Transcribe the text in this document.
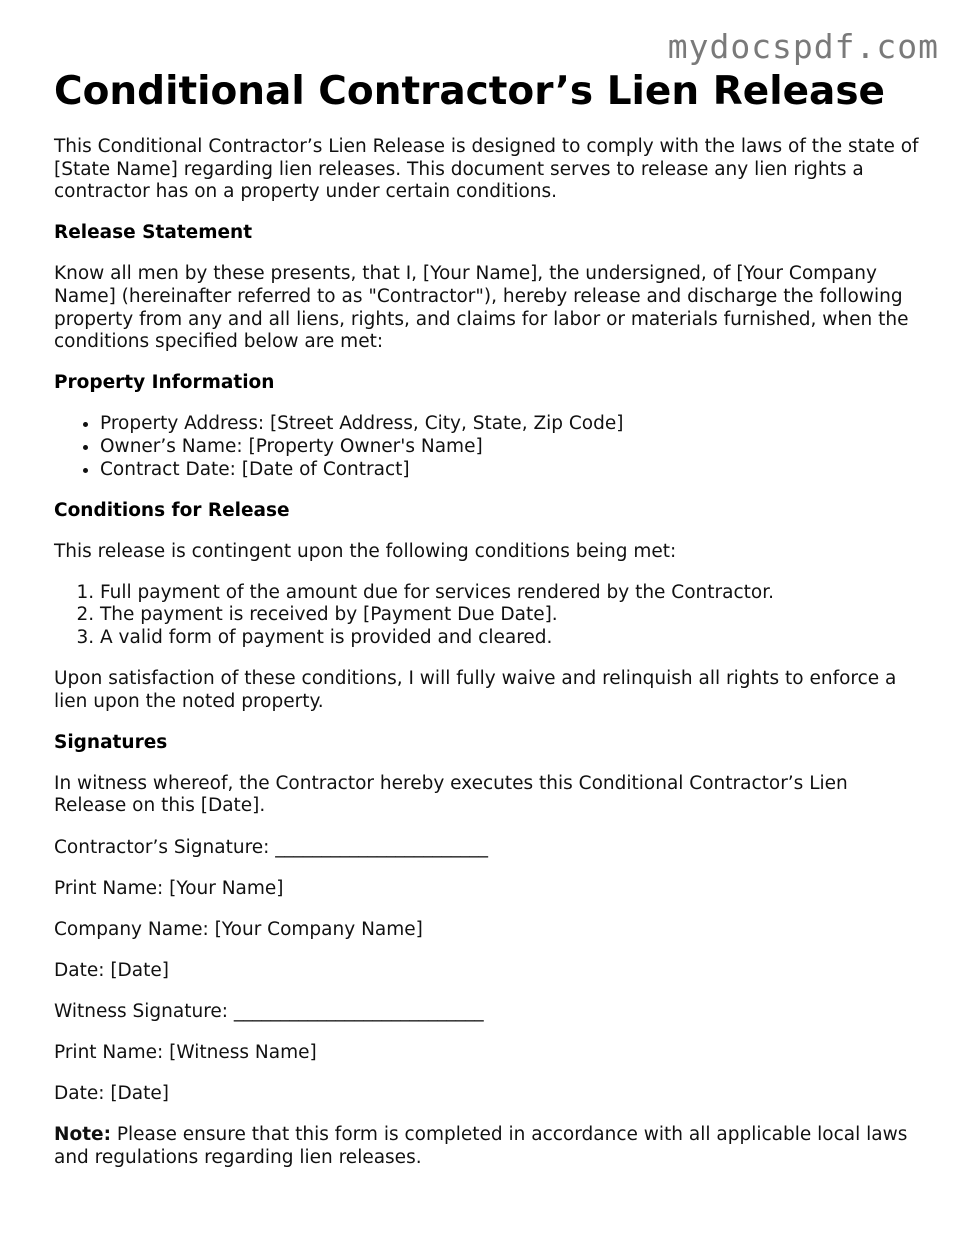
mydocspdf.com
Conditional Contractor’s Lien Release

This Conditional Contractor’s Lien Release is designed to comply with the laws of the state of [State Name] regarding lien releases. This document serves to release any lien rights a contractor has on a property under certain conditions.

Release Statement

Know all men by these presents, that I, [Your Name], the undersigned, of [Your Company Name] (hereinafter referred to as "Contractor"), hereby release and discharge the following property from any and all liens, rights, and claims for labor or materials furnished, when the conditions specified below are met:

Property Information
• Property Address: [Street Address, City, State, Zip Code]
• Owner’s Name: [Property Owner's Name]
• Contract Date: [Date of Contract]
Conditions for Release

This release is contingent upon the following conditions being met:

1. Full payment of the amount due for services rendered by the Contractor.
2. The payment is received by [Payment Due Date].
3. A valid form of payment is provided and cleared.

Upon satisfaction of these conditions, I will fully waive and relinquish all rights to enforce a lien upon the noted property.

Signatures

In witness whereof, the Contractor hereby executes this Conditional Contractor’s Lien Release on this [Date].

Contractor’s Signature: _______________________

Print Name: [Your Name]

Company Name: [Your Company Name]

Date: [Date]

Witness Signature: ___________________________

Print Name: [Witness Name]

Date: [Date]

Note: Please ensure that this form is completed in accordance with all applicable local laws and regulations regarding lien releases.
